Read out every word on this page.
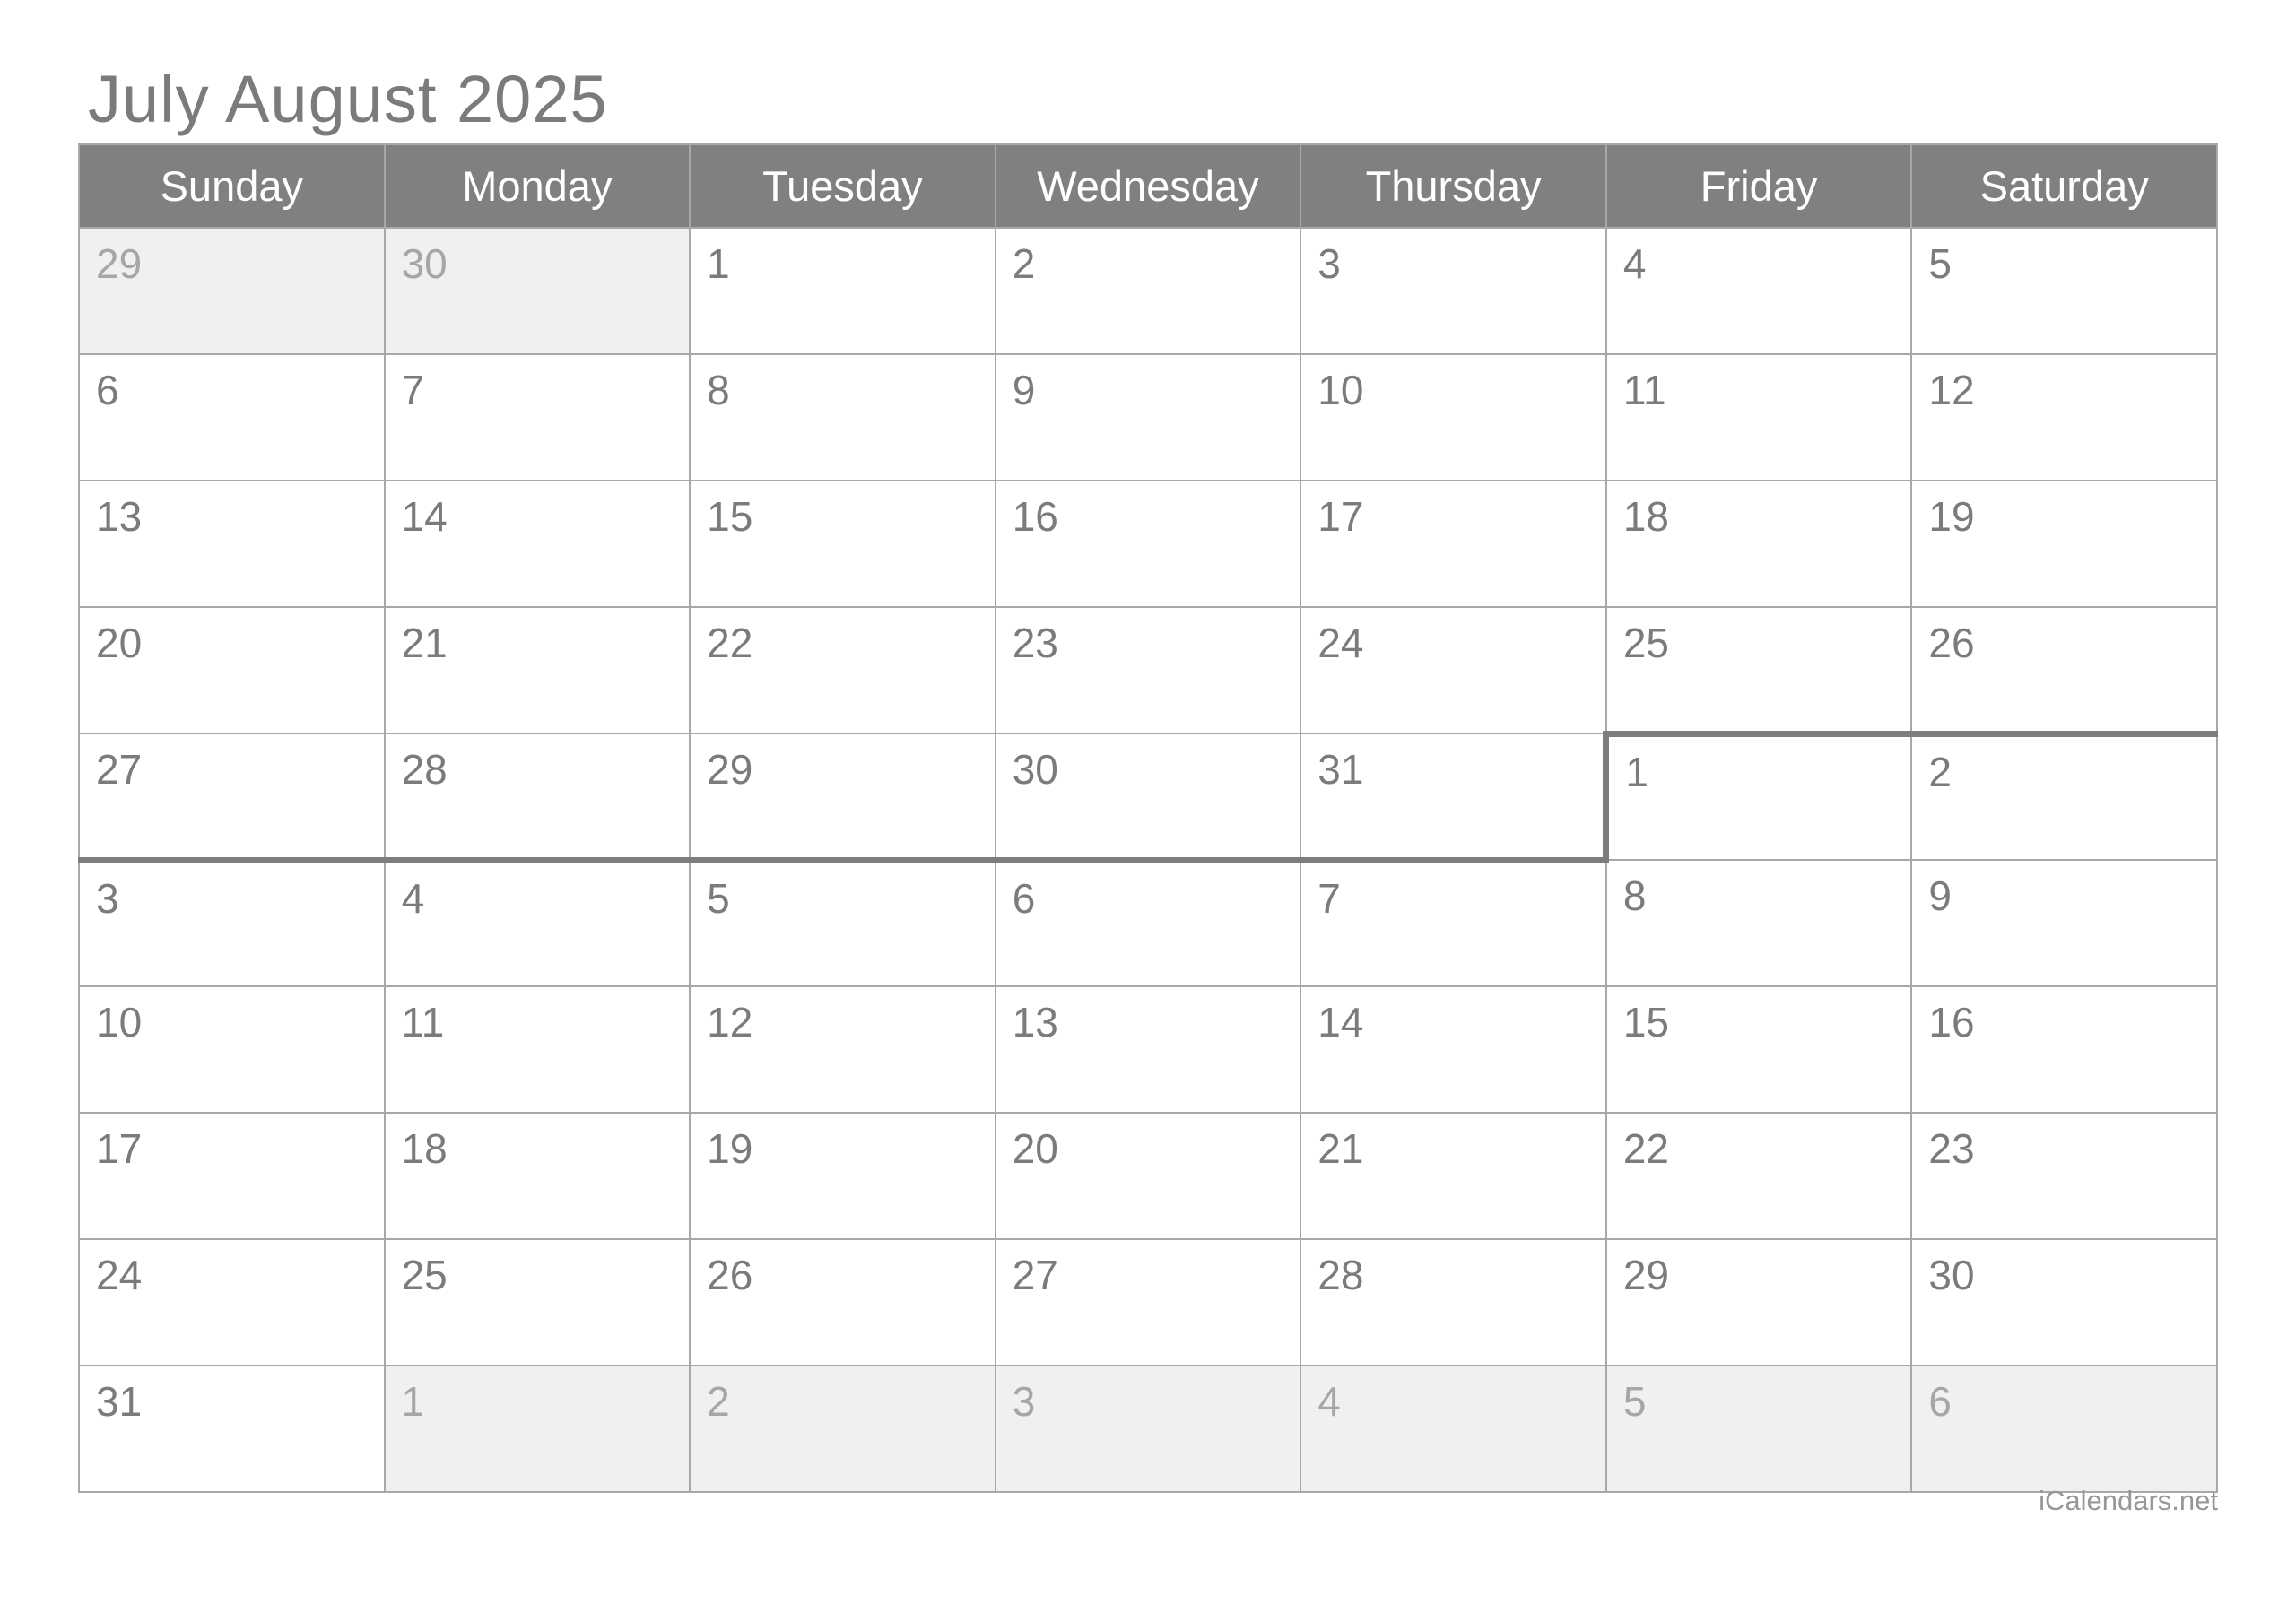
July August 2025
Sunday	Monday	Tuesday	Wednesday	Thursday	Friday	Saturday
29	30	1	2	3	4	5
6	7	8	9	10	11	12
13	14	15	16	17	18	19
20	21	22	23	24	25	26
27	28	29	30	31	1	2
3	4	5	6	7	8	9
10	11	12	13	14	15	16
17	18	19	20	21	22	23
24	25	26	27	28	29	30
31	1	2	3	4	5	6
iCalendars.net
